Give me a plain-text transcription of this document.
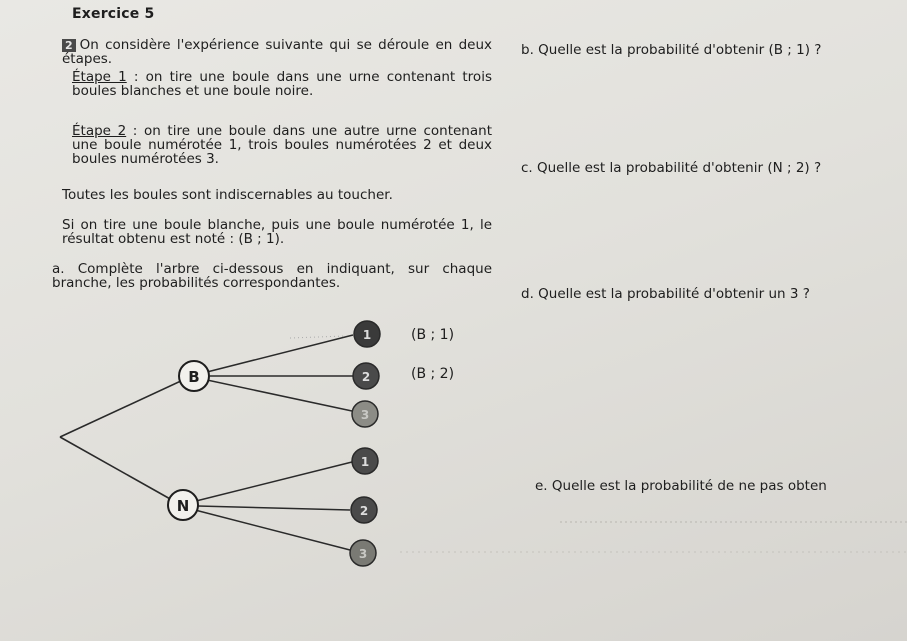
Exercice 5
2 On considère l'expérience suivante qui se déroule en deux étapes.
Étape 1 : on tire une boule dans une urne contenant trois boules blanches et une boule noire.
Étape 2 : on tire une boule dans une autre urne contenant une boule numérotée 1, trois boules numérotées 2 et deux boules numérotées 3.
Toutes les boules sont indiscernables au toucher.
Si on tire une boule blanche, puis une boule numérotée 1, le résultat obtenu est noté : (B ; 1).
a. Complète l'arbre ci-dessous en indiquant, sur chaque branche, les probabilités correspondantes.
b. Quelle est la probabilité d'obtenir (B ; 1) ?
c. Quelle est la probabilité d'obtenir (N ; 2) ?
d. Quelle est la probabilité d'obtenir un 3 ?
e. Quelle est la probabilité de ne pas obten
B
N
1
2
3
1
2
3
(B ; 1)
(B ; 2)
